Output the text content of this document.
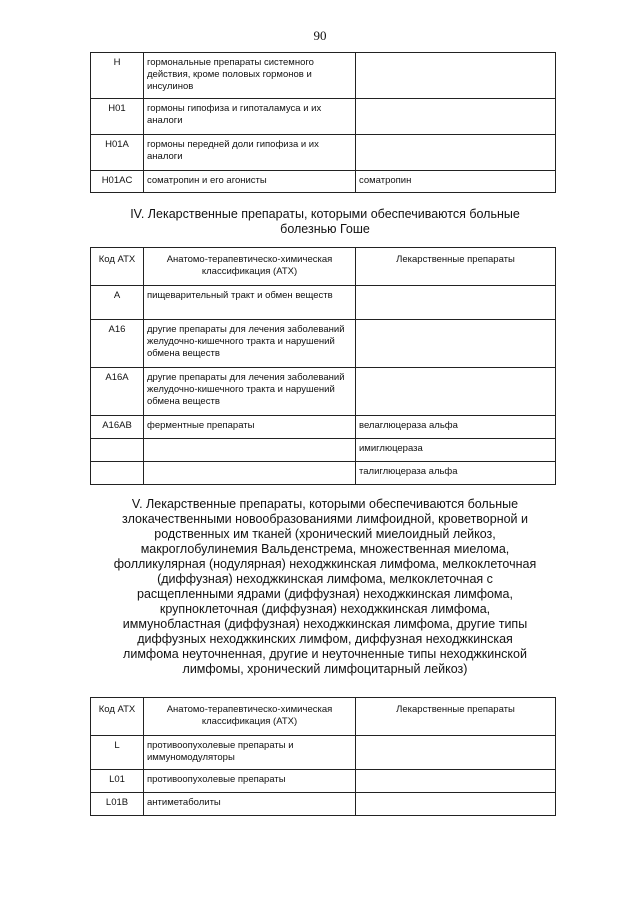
90
H	гормональные препараты системного действия, кроме половых гормонов и инсулинов	
H01	гормоны гипофиза и гипоталамуса и их аналоги	
H01A	гормоны передней доли гипофиза и их аналоги	
H01AC	соматропин и его агонисты	соматропин
IV. Лекарственные препараты, которыми обеспечиваются больные болезнью Гоше
Код АТХ	Анатомо-терапевтическо-химическая классификация (АТХ)	Лекарственные препараты
A	пищеварительный тракт и обмен веществ	
A16	другие препараты для лечения заболеваний желудочно-кишечного тракта и нарушений обмена веществ	
A16A	другие препараты для лечения заболеваний желудочно-кишечного тракта и нарушений обмена веществ	
A16AB	ферментные препараты	велаглюцераза альфа
		имиглюцераза
		талиглюцераза альфа
V. Лекарственные препараты, которыми обеспечиваются больные злокачественными новообразованиями лимфоидной, кроветворной и родственных им тканей (хронический миелоидный лейкоз, макроглобулинемия Вальденстрема, множественная миелома, фолликулярная (нодулярная) неходжкинская лимфома, мелкоклеточная (диффузная) неходжкинская лимфома, мелкоклеточная с расщепленными ядрами (диффузная) неходжкинская лимфома, крупноклеточная (диффузная) неходжкинская лимфома, иммунобластная (диффузная) неходжкинская лимфома, другие типы диффузных неходжкинских лимфом, диффузная неходжкинская лимфома неуточненная, другие и неуточненные типы неходжкинской лимфомы, хронический лимфоцитарный лейкоз)
Код АТХ	Анатомо-терапевтическо-химическая классификация (АТХ)	Лекарственные препараты
L	противоопухолевые препараты и иммуномодуляторы	
L01	противоопухолевые препараты	
L01B	антиметаболиты	
